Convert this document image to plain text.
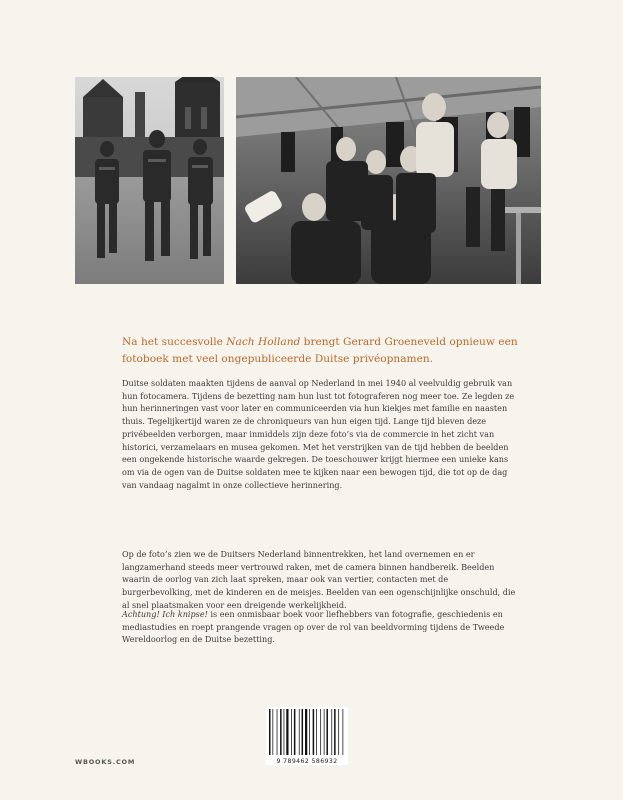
Na het succesvolle Nach Holland brengt Gerard Groeneveld opnieuw een fotoboek met veel ongepubliceerde Duitse privéopnamen.
Duitse soldaten maakten tijdens de aanval op Nederland in mei 1940 al veelvuldig gebruik van hun fotocamera. Tijdens de bezetting nam hun lust tot fotograferen nog meer toe. Ze legden ze hun herinneringen vast voor later en communiceerden via hun kiekjes met familie en naasten thuis. Tegelijkertijd waren ze de chroniqueurs van hun eigen tijd. Lange tijd bleven deze privébeelden verborgen, maar inmiddels zijn deze foto’s via de commercie in het zicht van historici, verzamelaars en musea gekomen. Met het verstrijken van de tijd hebben de beelden een ongekende historische waarde gekregen. De toeschouwer krijgt hiermee een unieke kans om via de ogen van de Duitse soldaten mee te kijken naar een bewogen tijd, die tot op de dag van vandaag nagalmt in onze collectieve herinnering.
Op de foto’s zien we de Duitsers Nederland binnentrekken, het land overnemen en er langzamerhand steeds meer vertrouwd raken, met de camera binnen handbereik. Beelden waarin de oorlog van zich laat spreken, maar ook van vertier, contacten met de burgerbevolking, met de kinderen en de meisjes. Beelden van een ogenschijnlijke onschuld, die al snel plaatsmaken voor een dreigende werkelijkheid.
Achtung! Ich knipse! is een onmisbaar boek voor liefhebbers van fotografie, geschiedenis en mediastudies en roept prangende vragen op over de rol van beeldvorming tijdens de Tweede Wereldoorlog en de Duitse bezetting.
WBOOKS.COM	9 789462 586932
